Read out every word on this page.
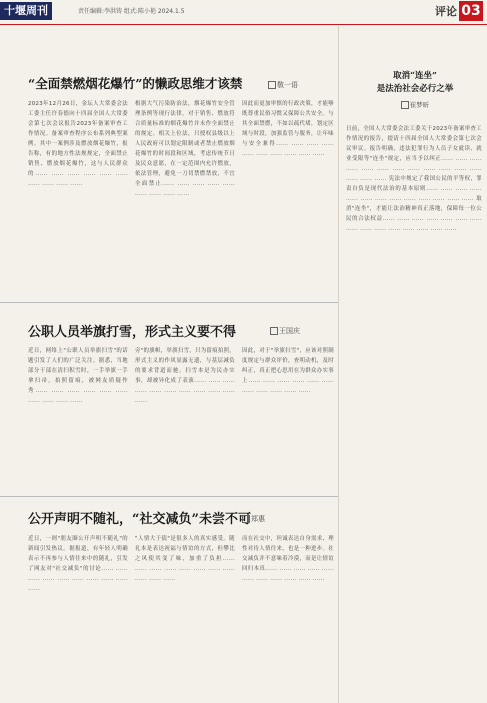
十堰周刊	责任编辑:李洪铸 组式:陈小艳 2024.1.5	评论 03
“全面禁燃烟花爆竹”的懒政思维才该禁	敬一语
2023年12月26日，金坛人大常委会法工委主任许春德向十四届全国人大常委会第七次会议报告2023年备案审查工作情况。备案审查程序公布系列典型案例。其中一案例涉及燃放烟花爆竹，报告称，有的地方性法规规定，全面禁止销售、燃放烟花爆竹，这与人民群众的...... ...... ...... ...... ...... ...... ...... ...... ...... ......
根据大气污染防治法，烟花爆竹安全管理条例等现行法律，对于销售、燃放符合质量标准的烟花爆竹并未作全面禁止的规定。相关上位法，只授权县级以上人民政府可以划定限制或者禁止燃放烟花爆竹的时间段和区域，考虑传统节日及民众意愿，在一定范围内允许燃放，依法管理，避免一刀切禁燃禁放，不宜全面禁止...... ...... ...... ...... ...... ...... ...... ...... ......
因此而更加审慎的行政决策，才能够既尊重民俗习惯又保障公共安全。与其全面禁燃，不如以疏代堵，划定区域与时段，加强监管与服务，让年味与安全兼得...... ...... ...... ...... ...... ...... ...... ...... ...... ......
公职人员举旗打雪，形式主义要不得	王国庆
近日，网络上"公职人员举旗扫雪"的话题引发了人们的广泛关注。据悉，当地部分干部在清扫积雪时，一手举旗一手拿扫帚，拍照留痕，被网友质疑作秀...... ...... ...... ...... ...... ...... ...... ...... ...... ......
旁"的旗帜，举旗扫雪，只为留痕拍照，形式主义的作风显露无遗，与基层减负的要求背道而驰。扫雪本是为民办实事，却被异化成了表演...... ...... ...... ...... ...... ...... ...... ...... ...... ...... ......
因此，对于"举旗扫雪"，应该对照制度规定与群众评价，查明动机，及时纠正，真正把心思用在为群众办实事上...... ...... ...... ...... ...... ...... ...... ...... ...... ...... ......
公开声明不随礼，“社交减负”未尝不可 郑惠
近日，一则"朋友圈公开声明不随礼"的新闻引发热议。据报道，有年轻人明确表示不再参与人情往来中的随礼，引发了网友对"社交减负"的讨论...... ...... ...... ...... ...... ...... ...... ...... ...... ......
"人情大于债"是很多人的真实感受。随礼本是表达祝福与情谊的方式，但攀比之风使其变了味，加重了负担...... ...... ...... ...... ...... ...... ...... ...... ...... ...... ......
而在社交中，坦诚表达自身需求、理性对待人情往来，也是一种进步。社交减负并不意味着冷漠，而是让情谊回归本真...... ...... ...... ...... ...... ...... ...... ...... ...... ...... ......
取消“连坐”
是法治社会必行之举
崔梦昕
日前，全国人大常委会法工委关于2023年备案审查工作情况的报告，提请十四届全国人大常委会第七次会议审议。报告明确，违法犯罪行为人员子女就读、就业受限等"连坐"规定，应当予以纠正...... ...... ...... ...... ...... ...... ...... ...... ...... ...... ...... ...... ...... ...... ...... 宪法中规定了我国公民的平等权，罪责自负是现代法治的基本原则...... ...... ...... ...... ...... ...... ...... ...... ...... ...... ...... ...... ...... 取消"连坐"，才能让法治精神真正落地，保障每一位公民的合法权益...... ...... ...... ...... ...... ...... ...... ...... ...... ...... ...... ...... ...... ...... ......
